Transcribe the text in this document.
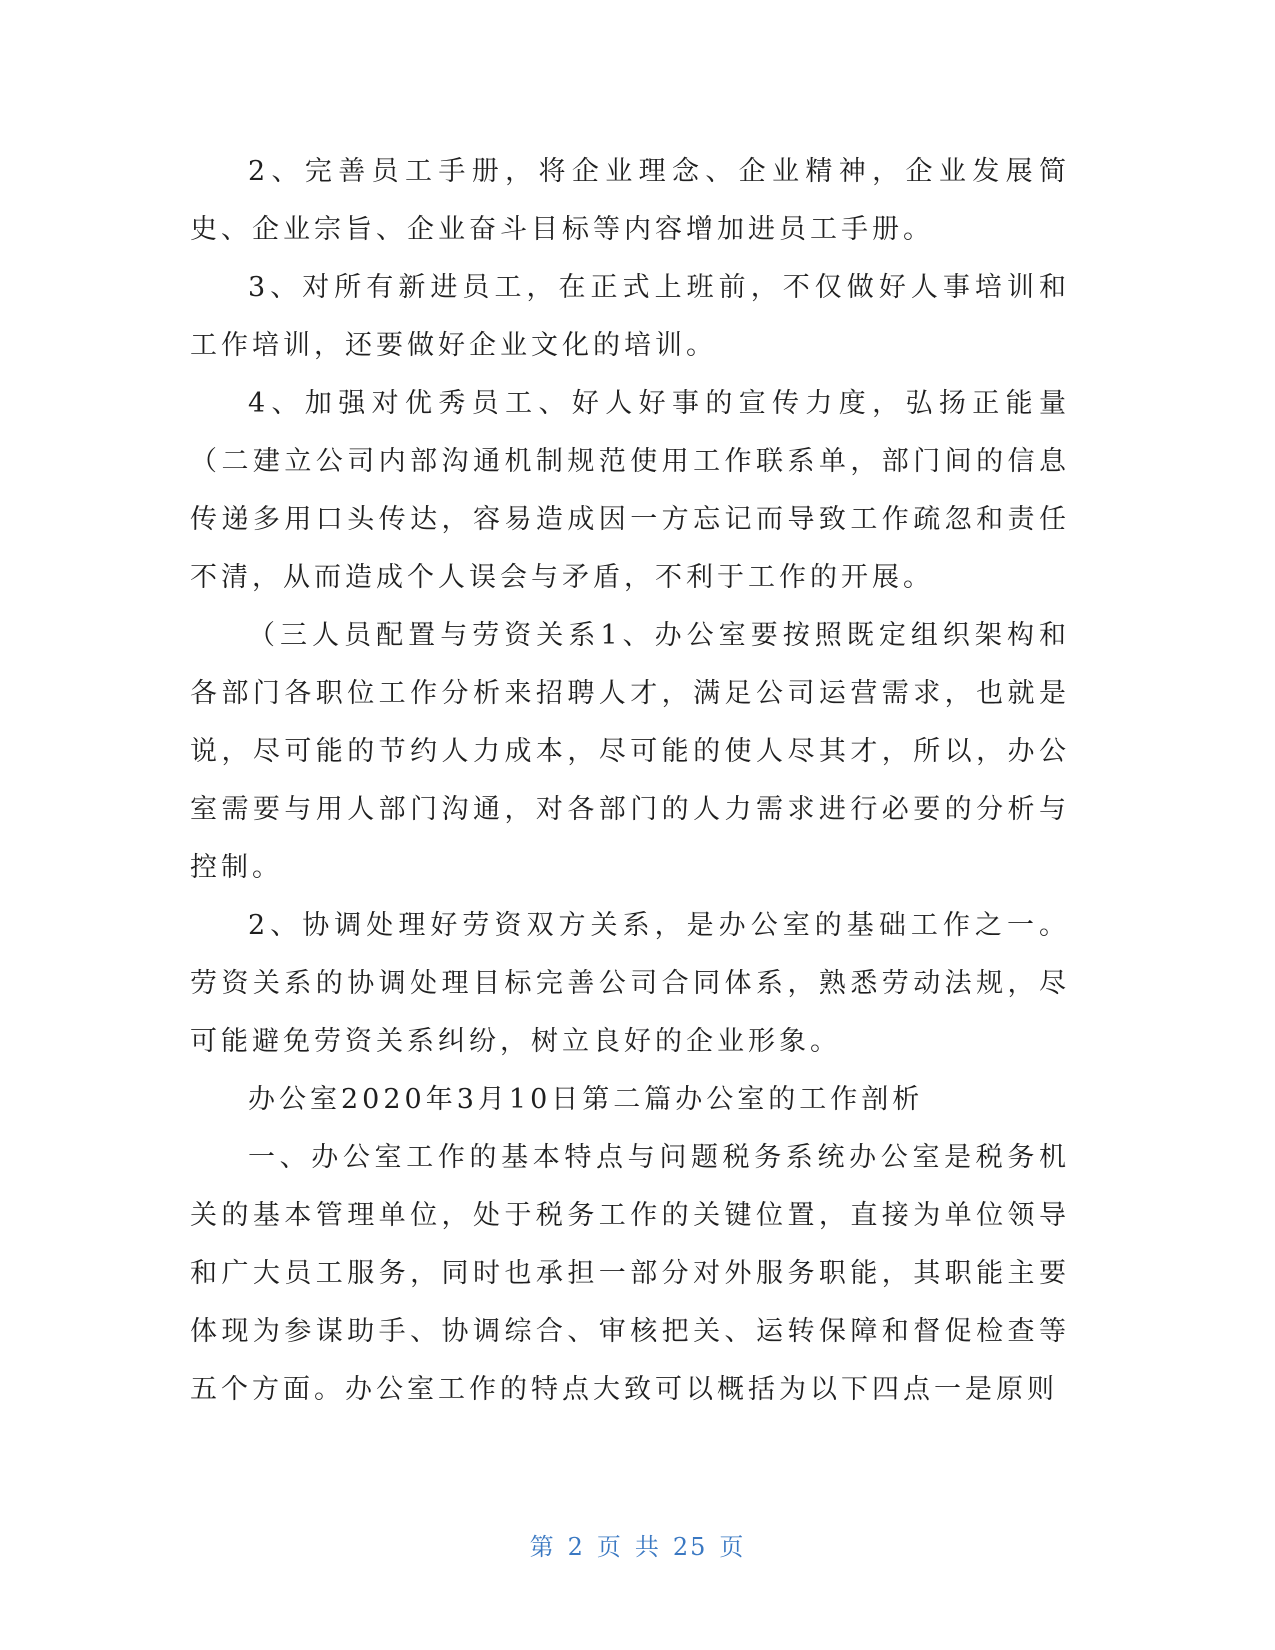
2、完善员工手册，将企业理念、企业精神，企业发展简史、企业宗旨、企业奋斗目标等内容增加进员工手册。

3、对所有新进员工，在正式上班前，不仅做好人事培训和工作培训，还要做好企业文化的培训。

4、加强对优秀员工、好人好事的宣传力度，弘扬正能量（二建立公司内部沟通机制规范使用工作联系单，部门间的信息传递多用口头传达，容易造成因一方忘记而导致工作疏忽和责任不清，从而造成个人误会与矛盾，不利于工作的开展。

（三人员配置与劳资关系1、办公室要按照既定组织架构和各部门各职位工作分析来招聘人才，满足公司运营需求，也就是说，尽可能的节约人力成本，尽可能的使人尽其才，所以，办公室需要与用人部门沟通，对各部门的人力需求进行必要的分析与控制。

2、协调处理好劳资双方关系，是办公室的基础工作之一。劳资关系的协调处理目标完善公司合同体系，熟悉劳动法规，尽可能避免劳资关系纠纷，树立良好的企业形象。

办公室2020年3月10日第二篇办公室的工作剖析

一、办公室工作的基本特点与问题税务系统办公室是税务机关的基本管理单位，处于税务工作的关键位置，直接为单位领导和广大员工服务，同时也承担一部分对外服务职能，其职能主要体现为参谋助手、协调综合、审核把关、运转保障和督促检查等五个方面。办公室工作的特点大致可以概括为以下四点一是原则

第 2 页 共 25 页
